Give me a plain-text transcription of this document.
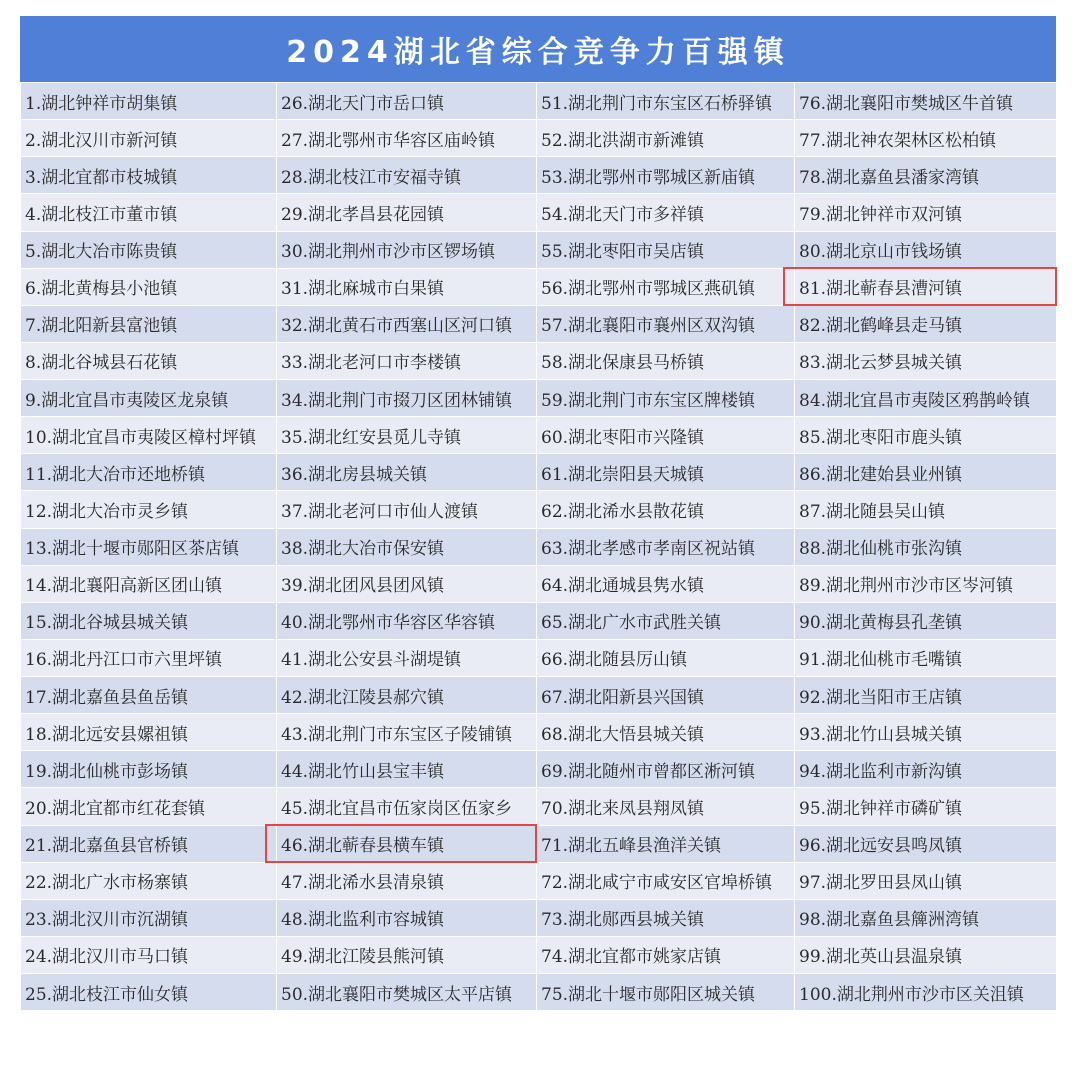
2024湖北省综合竞争力百强镇
1.湖北钟祥市胡集镇	26.湖北天门市岳口镇	51.湖北荆门市东宝区石桥驿镇	76.湖北襄阳市樊城区牛首镇
2.湖北汉川市新河镇	27.湖北鄂州市华容区庙岭镇	52.湖北洪湖市新滩镇	77.湖北神农架林区松柏镇
3.湖北宜都市枝城镇	28.湖北枝江市安福寺镇	53.湖北鄂州市鄂城区新庙镇	78.湖北嘉鱼县潘家湾镇
4.湖北枝江市董市镇	29.湖北孝昌县花园镇	54.湖北天门市多祥镇	79.湖北钟祥市双河镇
5.湖北大冶市陈贵镇	30.湖北荆州市沙市区锣场镇	55.湖北枣阳市吴店镇	80.湖北京山市钱场镇
6.湖北黄梅县小池镇	31.湖北麻城市白果镇	56.湖北鄂州市鄂城区燕矶镇	81.湖北蕲春县漕河镇
7.湖北阳新县富池镇	32.湖北黄石市西塞山区河口镇	57.湖北襄阳市襄州区双沟镇	82.湖北鹤峰县走马镇
8.湖北谷城县石花镇	33.湖北老河口市李楼镇	58.湖北保康县马桥镇	83.湖北云梦县城关镇
9.湖北宜昌市夷陵区龙泉镇	34.湖北荆门市掇刀区团林铺镇	59.湖北荆门市东宝区牌楼镇	84.湖北宜昌市夷陵区鸦鹊岭镇
10.湖北宜昌市夷陵区樟村坪镇	35.湖北红安县觅儿寺镇	60.湖北枣阳市兴隆镇	85.湖北枣阳市鹿头镇
11.湖北大冶市还地桥镇	36.湖北房县城关镇	61.湖北崇阳县天城镇	86.湖北建始县业州镇
12.湖北大冶市灵乡镇	37.湖北老河口市仙人渡镇	62.湖北浠水县散花镇	87.湖北随县吴山镇
13.湖北十堰市郧阳区茶店镇	38.湖北大冶市保安镇	63.湖北孝感市孝南区祝站镇	88.湖北仙桃市张沟镇
14.湖北襄阳高新区团山镇	39.湖北团风县团风镇	64.湖北通城县隽水镇	89.湖北荆州市沙市区岑河镇
15.湖北谷城县城关镇	40.湖北鄂州市华容区华容镇	65.湖北广水市武胜关镇	90.湖北黄梅县孔垄镇
16.湖北丹江口市六里坪镇	41.湖北公安县斗湖堤镇	66.湖北随县厉山镇	91.湖北仙桃市毛嘴镇
17.湖北嘉鱼县鱼岳镇	42.湖北江陵县郝穴镇	67.湖北阳新县兴国镇	92.湖北当阳市王店镇
18.湖北远安县嫘祖镇	43.湖北荆门市东宝区子陵铺镇	68.湖北大悟县城关镇	93.湖北竹山县城关镇
19.湖北仙桃市彭场镇	44.湖北竹山县宝丰镇	69.湖北随州市曾都区淅河镇	94.湖北监利市新沟镇
20.湖北宜都市红花套镇	45.湖北宜昌市伍家岗区伍家乡	70.湖北来凤县翔凤镇	95.湖北钟祥市磷矿镇
21.湖北嘉鱼县官桥镇	46.湖北蕲春县横车镇	71.湖北五峰县渔洋关镇	96.湖北远安县鸣凤镇
22.湖北广水市杨寨镇	47.湖北浠水县清泉镇	72.湖北咸宁市咸安区官埠桥镇	97.湖北罗田县凤山镇
23.湖北汉川市沉湖镇	48.湖北监利市容城镇	73.湖北郧西县城关镇	98.湖北嘉鱼县簰洲湾镇
24.湖北汉川市马口镇	49.湖北江陵县熊河镇	74.湖北宜都市姚家店镇	99.湖北英山县温泉镇
25.湖北枝江市仙女镇	50.湖北襄阳市樊城区太平店镇	75.湖北十堰市郧阳区城关镇	100.湖北荆州市沙市区关沮镇
